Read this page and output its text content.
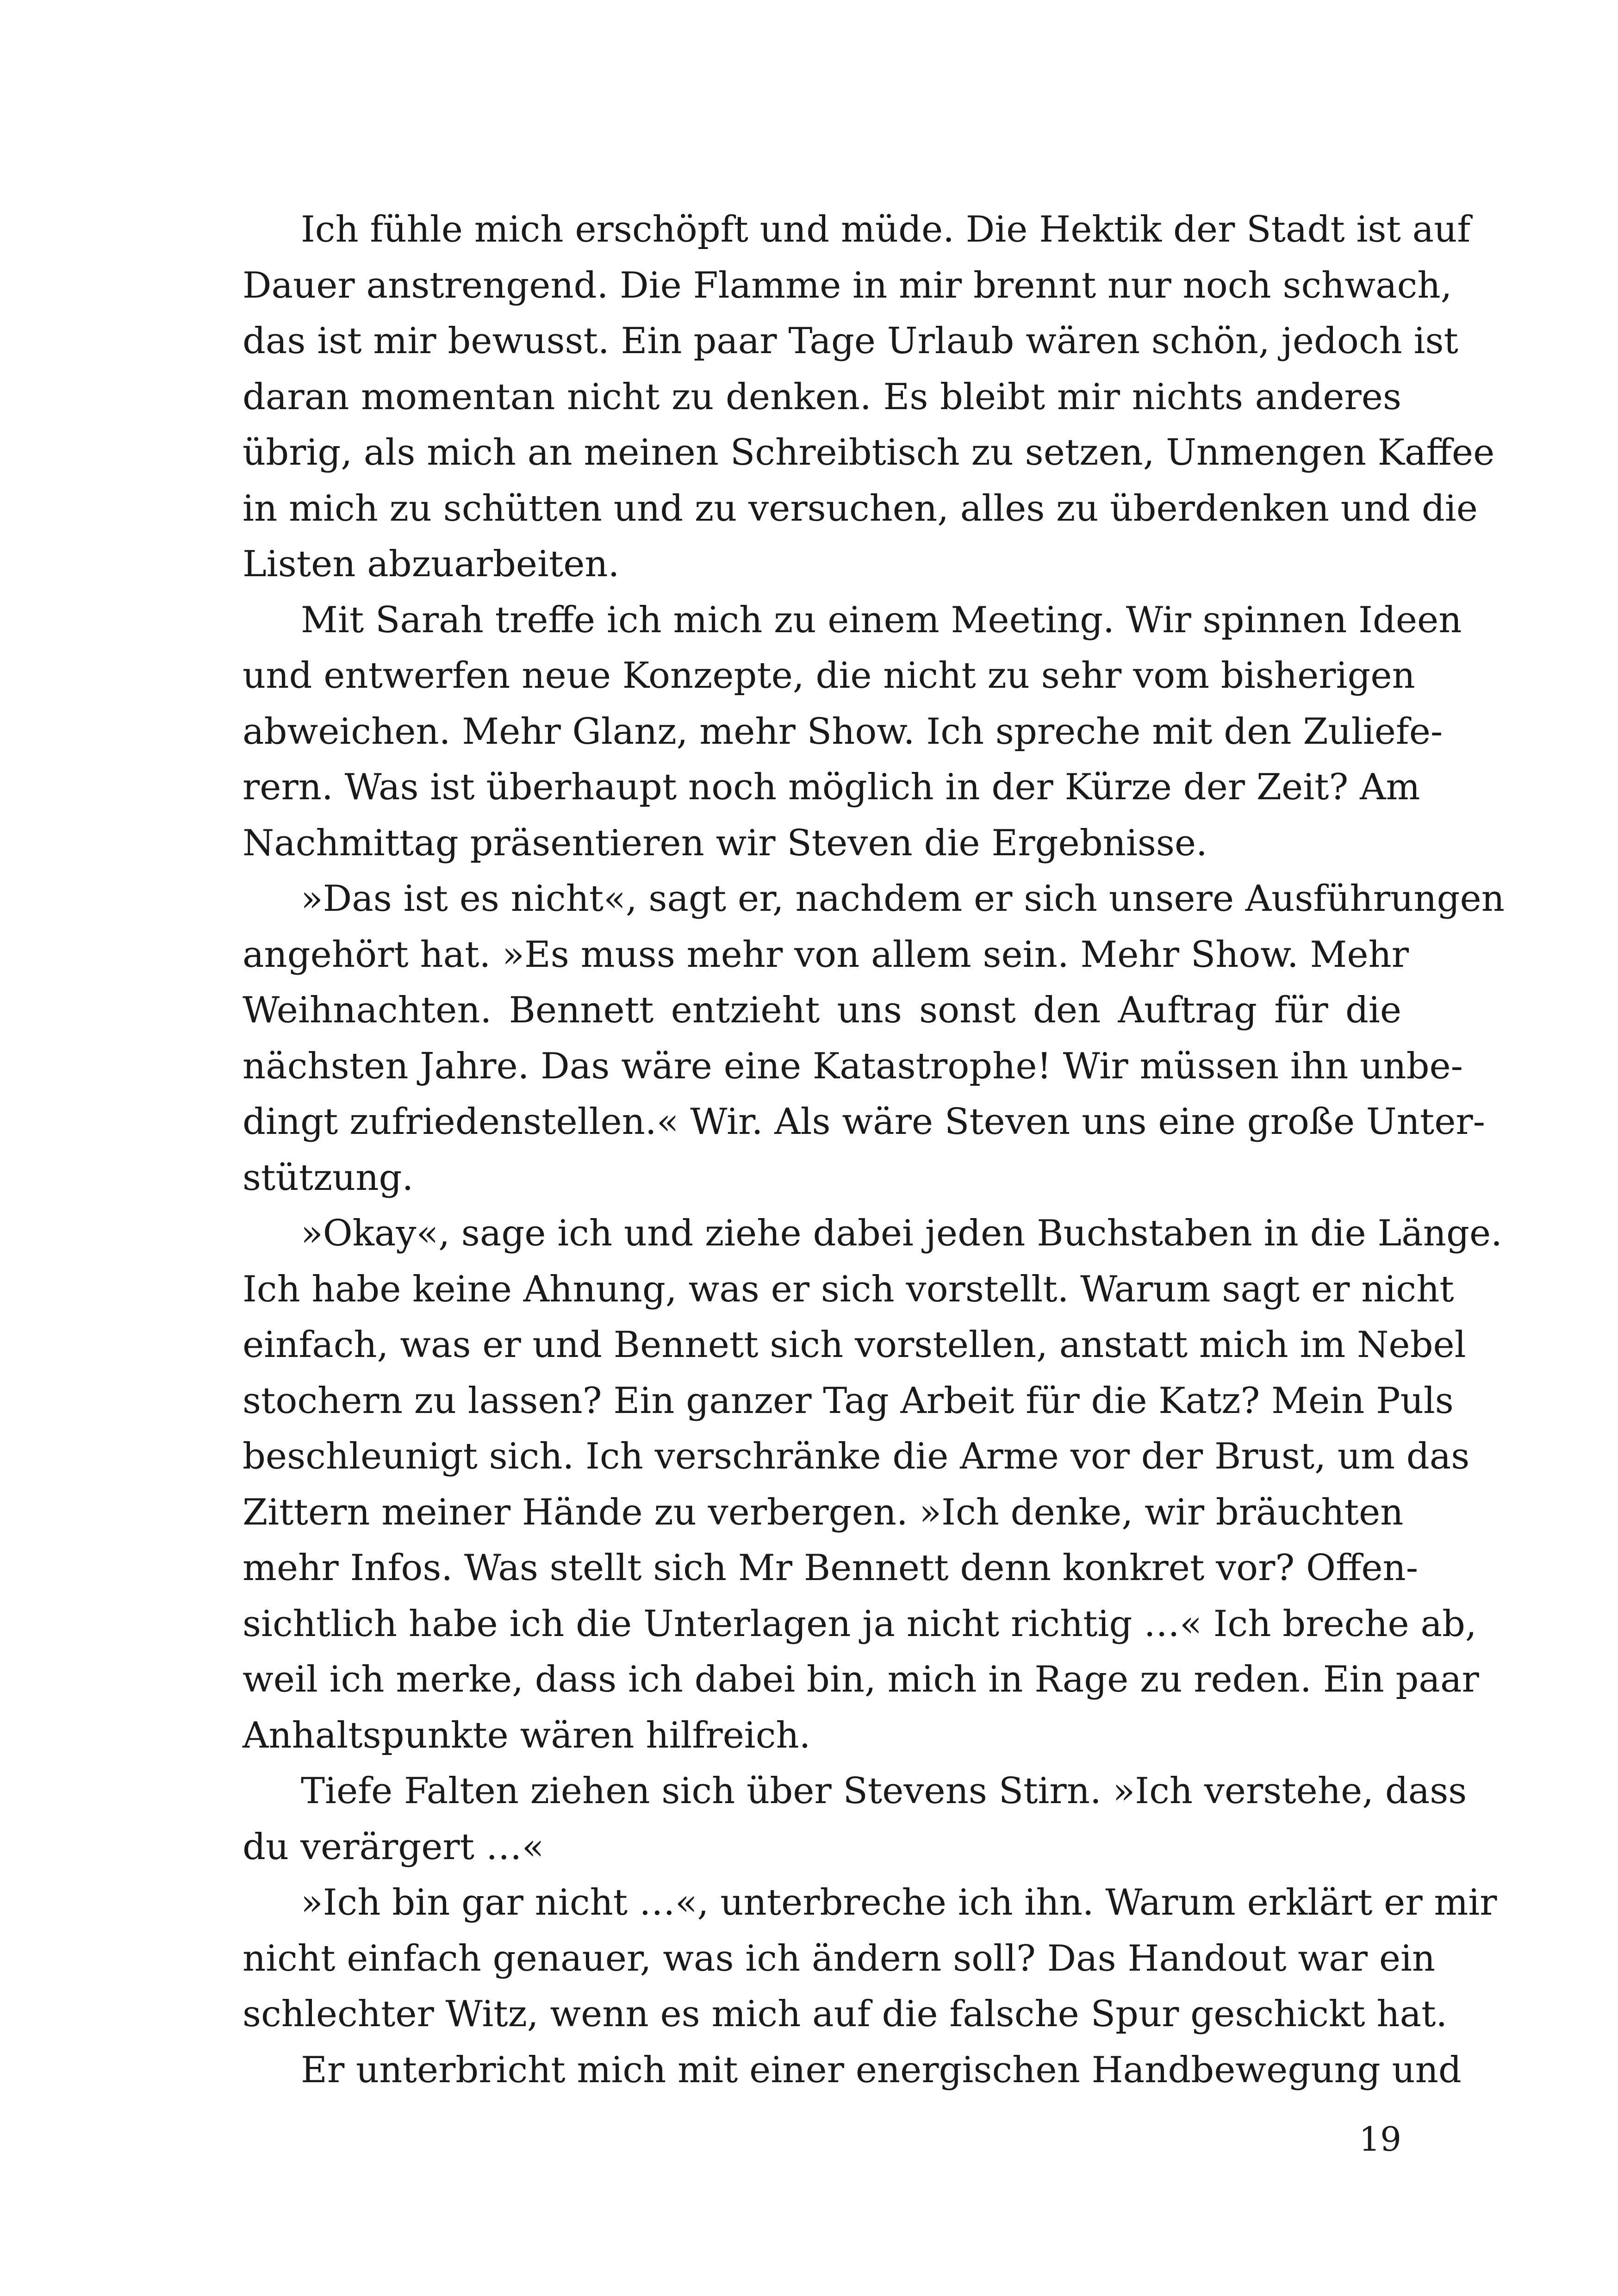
Ich fühle mich erschöpft und müde. Die Hektik der Stadt ist auf
Dauer anstrengend. Die Flamme in mir brennt nur noch schwach,
das ist mir bewusst. Ein paar Tage Urlaub wären schön, jedoch ist
daran momentan nicht zu denken. Es bleibt mir nichts anderes
übrig, als mich an meinen Schreibtisch zu setzen, Unmengen Kaffee
in mich zu schütten und zu versuchen, alles zu überdenken und die
Listen abzuarbeiten.
Mit Sarah treffe ich mich zu einem Meeting. Wir spinnen Ideen
und entwerfen neue Konzepte, die nicht zu sehr vom bisherigen
abweichen. Mehr Glanz, mehr Show. Ich spreche mit den Zuliefe-
rern. Was ist überhaupt noch möglich in der Kürze der Zeit? Am
Nachmittag präsentieren wir Steven die Ergebnisse.
»Das ist es nicht«, sagt er, nachdem er sich unsere Ausführungen
angehört hat. »Es muss mehr von allem sein. Mehr Show. Mehr
Weihnachten. Bennett entzieht uns sonst den Auftrag für die
nächsten Jahre. Das wäre eine Katastrophe! Wir müssen ihn unbe-
dingt zufriedenstellen.« Wir. Als wäre Steven uns eine große Unter-
stützung.
»Okay«, sage ich und ziehe dabei jeden Buchstaben in die Länge.
Ich habe keine Ahnung, was er sich vorstellt. Warum sagt er nicht
einfach, was er und Bennett sich vorstellen, anstatt mich im Nebel
stochern zu lassen? Ein ganzer Tag Arbeit für die Katz? Mein Puls
beschleunigt sich. Ich verschränke die Arme vor der Brust, um das
Zittern meiner Hände zu verbergen. »Ich denke, wir bräuchten
mehr Infos. Was stellt sich Mr Bennett denn konkret vor? Offen-
sichtlich habe ich die Unterlagen ja nicht richtig …« Ich breche ab,
weil ich merke, dass ich dabei bin, mich in Rage zu reden. Ein paar
Anhaltspunkte wären hilfreich.
Tiefe Falten ziehen sich über Stevens Stirn. »Ich verstehe, dass
du verärgert …«
»Ich bin gar nicht …«, unterbreche ich ihn. Warum erklärt er mir
nicht einfach genauer, was ich ändern soll? Das Handout war ein
schlechter Witz, wenn es mich auf die falsche Spur geschickt hat.
Er unterbricht mich mit einer energischen Handbewegung und
19
